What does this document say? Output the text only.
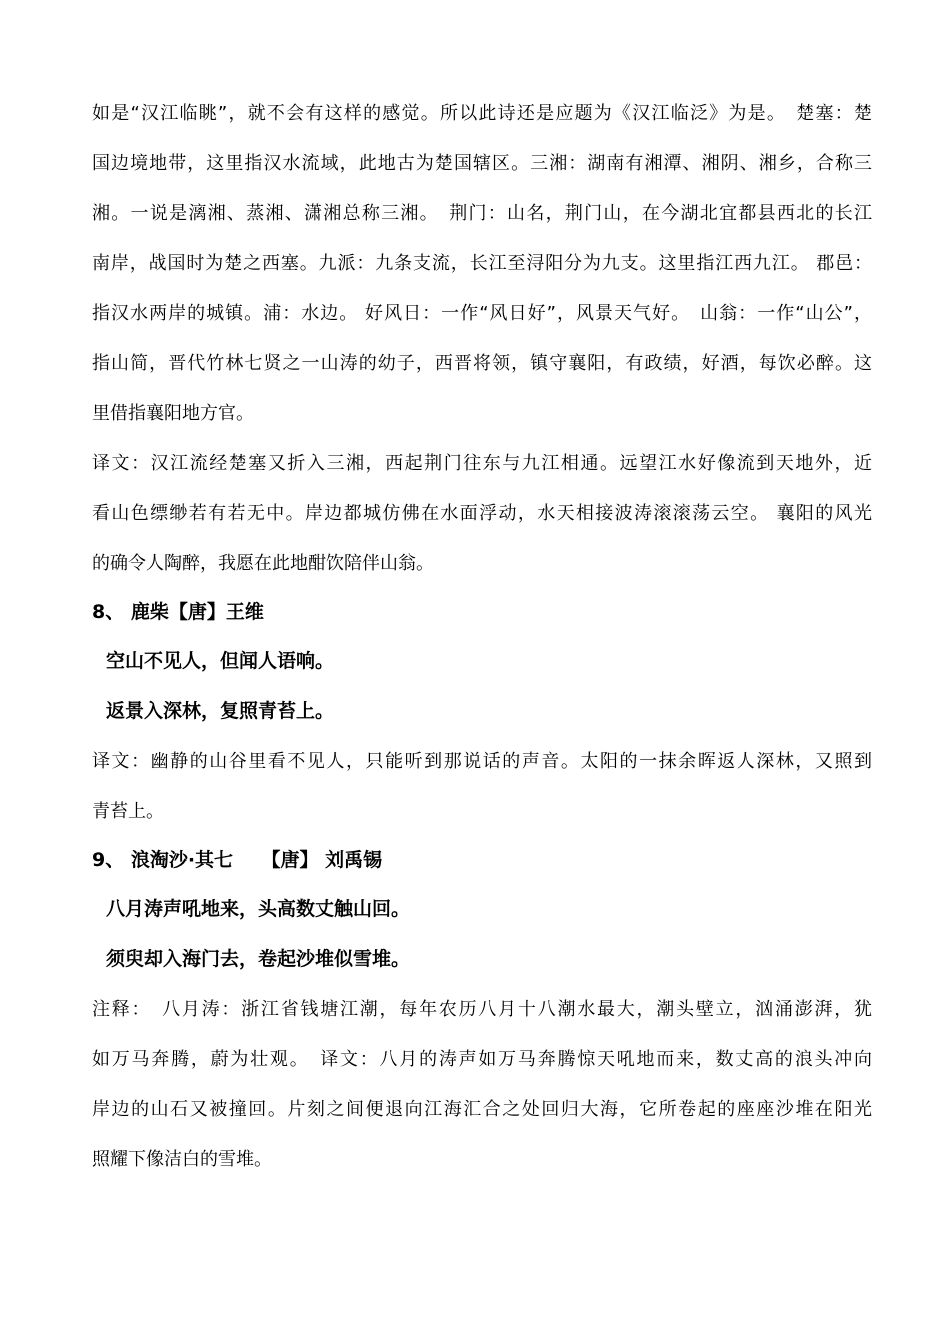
如是“汉江临眺”，就不会有这样的感觉。所以此诗还是应题为《汉江临泛》为是。　楚塞：楚
国边境地带，这里指汉水流域，此地古为楚国辖区。三湘：湖南有湘潭、湘阴、湘乡，合称三
湘。一说是漓湘、蒸湘、潇湘总称三湘。　荆门：山名，荆门山，在今湖北宜都县西北的长江
南岸，战国时为楚之西塞。九派：九条支流，长江至浔阳分为九支。这里指江西九江。 郡邑：
指汉水两岸的城镇。浦：水边。 好风日：一作“风日好”，风景天气好。　山翁：一作“山公”，
指山简，晋代竹林七贤之一山涛的幼子，西晋将领，镇守襄阳，有政绩，好酒，每饮必醉。这
里借指襄阳地方官。
译文：汉江流经楚塞又折入三湘，西起荆门往东与九江相通。远望江水好像流到天地外，近
看山色缥缈若有若无中。岸边都城仿佛在水面浮动，水天相接波涛滚滚荡云空。 襄阳的风光
的确令人陶醉，我愿在此地酣饮陪伴山翁。
8、 鹿柴【唐】王维
空山不见人，但闻人语响。
返景入深林，复照青苔上。
译文：幽静的山谷里看不见人，只能听到那说话的声音。太阳的一抹余晖返人深林，又照到
青苔上。
9、 浪淘沙·其七　　【唐】 刘禹锡
八月涛声吼地来，头高数丈触山回。
须臾却入海门去，卷起沙堆似雪堆。
注释：　八月涛：浙江省钱塘江潮，每年农历八月十八潮水最大，潮头壁立，汹涌澎湃，犹
如万马奔腾，蔚为壮观。　译文：八月的涛声如万马奔腾惊天吼地而来，数丈高的浪头冲向
岸边的山石又被撞回。片刻之间便退向江海汇合之处回归大海，它所卷起的座座沙堆在阳光
照耀下像洁白的雪堆。
